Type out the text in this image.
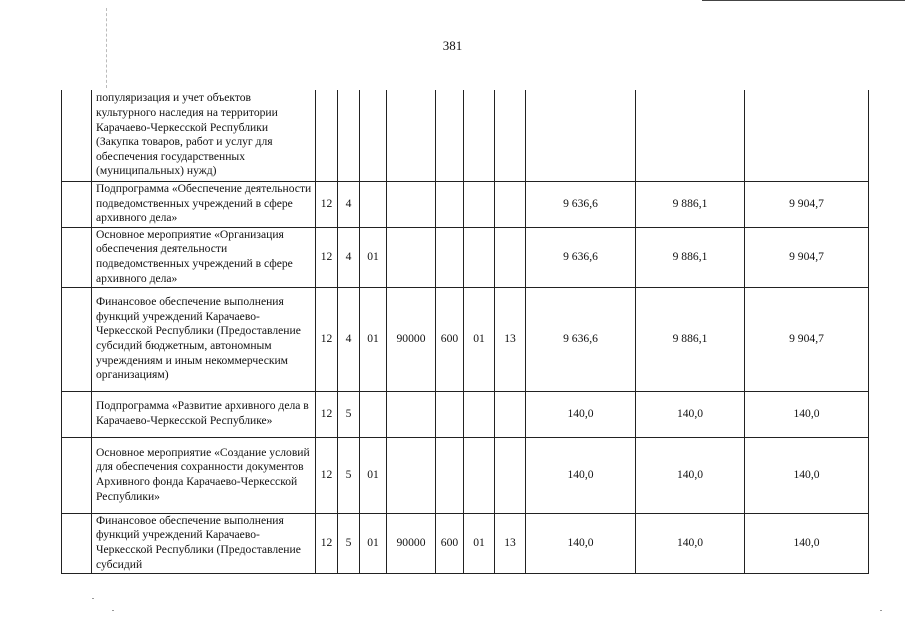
381
	популяризация и учет объектов культурного наследия на территории Карачаево-Черкесской Республики (Закупка товаров, работ и услуг для обеспечения государственных (муниципальных) нужд)										
	Подпрограмма «Обеспечение деятельности подведомственных учреждений в сфере архивного дела»	12	4						9 636,6	9 886,1	9 904,7
	Основное мероприятие «Организация обеспечения деятельности подведомственных учреждений в сфере архивного дела»	12	4	01					9 636,6	9 886,1	9 904,7
	Финансовое обеспечение выполнения функций учреждений Карачаево-Черкесской Республики (Предоставление субсидий бюджетным, автономным учреждениям и иным некоммерческим организациям)	12	4	01	90000	600	01	13	9 636,6	9 886,1	9 904,7
	Подпрограмма «Развитие архивного дела в Карачаево-Черкесской Республике»	12	5						140,0	140,0	140,0
	Основное мероприятие «Создание условий для обеспечения сохранности документов Архивного фонда Карачаево-Черкесской Республики»	12	5	01					140,0	140,0	140,0
	Финансовое обеспечение выполнения функций учреждений Карачаево-Черкесской Республики (Предоставление субсидий	12	5	01	90000	600	01	13	140,0	140,0	140,0
